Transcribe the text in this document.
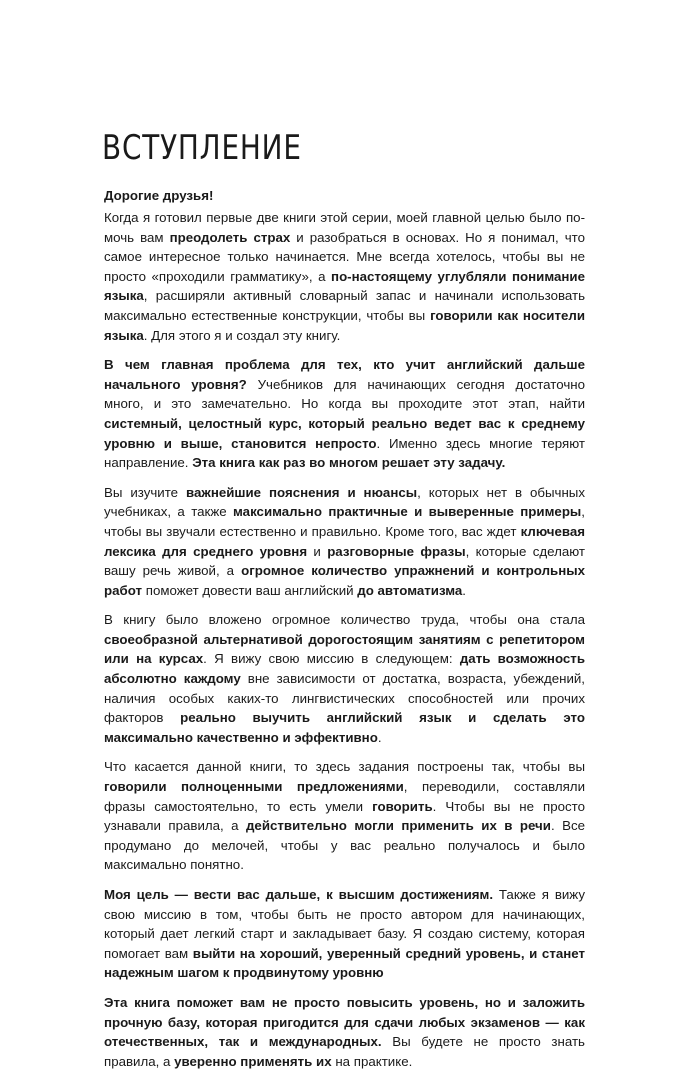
ВСТУПЛЕНИЕ
Дорогие друзья!

Когда я готовил первые две книги этой серии, моей главной целью было помочь вам преодолеть страх и разобраться в основах. Но я понимал, что самое интересное только начинается. Мне всегда хотелось, чтобы вы не просто «проходили грамматику», а по-настоящему углубляли понимание языка, расширяли активный словарный запас и начинали использовать максимально естественные конструкции, чтобы вы говорили как носители языка. Для этого я и создал эту книгу.

В чем главная проблема для тех, кто учит английский дальше начального уровня? Учебников для начинающих сегодня достаточно много, и это замечательно. Но когда вы проходите этот этап, найти системный, целостный курс, который реально ведет вас к среднему уровню и выше, становится непросто. Именно здесь многие теряют направление. Эта книга как раз во многом решает эту задачу.

Вы изучите важнейшие пояснения и нюансы, которых нет в обычных учебниках, а также максимально практичные и выверенные примеры, чтобы вы звучали естественно и правильно. Кроме того, вас ждет ключевая лексика для среднего уровня и разговорные фразы, которые сделают вашу речь живой, а огромное количество упражнений и контрольных работ поможет довести ваш английский до автоматизма.

В книгу было вложено огромное количество труда, чтобы она стала своеобразной альтернативой дорогостоящим занятиям с репетитором или на курсах. Я вижу свою миссию в следующем: дать возможность абсолютно каждому вне зависимости от достатка, возраста, убеждений, наличия особых каких-то лингвистических способностей или прочих факторов реально выучить английский язык и сделать это максимально качественно и эффективно.

Что касается данной книги, то здесь задания построены так, чтобы вы говорили полноценными предложениями, переводили, составляли фразы самостоятельно, то есть умели говорить. Чтобы вы не просто узнавали правила, а действительно могли применить их в речи. Все продумано до мелочей, чтобы у вас реально получалось и было максимально понятно.

Моя цель — вести вас дальше, к высшим достижениям. Также я вижу свою миссию в том, чтобы быть не просто автором для начинающих, который дает легкий старт и закладывает базу. Я создаю систему, которая помогает вам выйти на хороший, уверенный средний уровень, и станет надежным шагом к продвинутому уровню

Эта книга поможет вам не просто повысить уровень, но и заложить прочную базу, которая пригодится для сдачи любых экзаменов — как отечественных, так и международных. Вы будете не просто знать правила, а уверенно применять их на практике.
